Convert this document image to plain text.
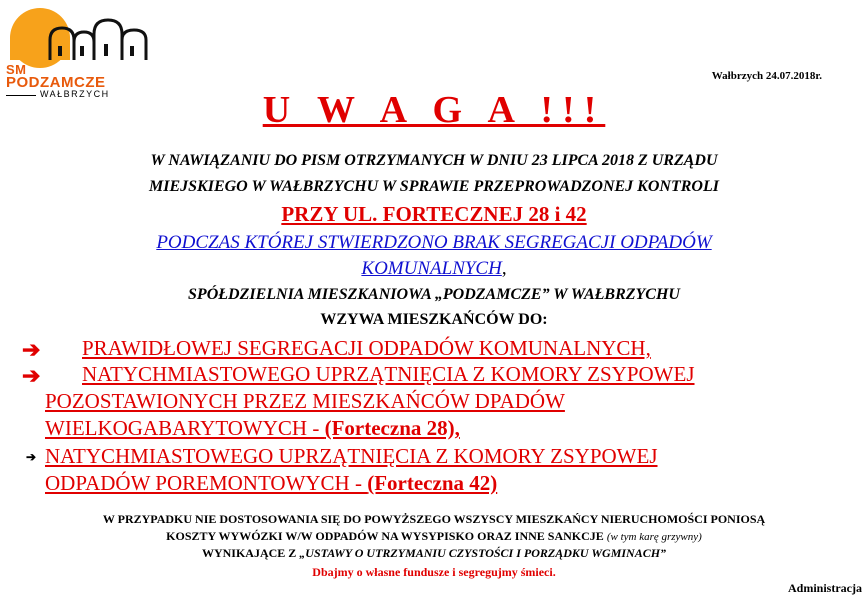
SM
PODZAMCZE
WAŁBRZYCH
Wałbrzych 24.07.2018r.
U W A G A !!!
W NAWIĄZANIU DO PISM OTRZYMANYCH W DNIU 23 LIPCA 2018 Z URZĄDU
MIEJSKIEGO W WAŁBRZYCHU W SPRAWIE PRZEPROWADZONEJ KONTROLI
PRZY UL. FORTECZNEJ 28 i 42
PODCZAS KTÓREJ STWIERDZONO BRAK SEGREGACJI ODPADÓW
KOMUNALNYCH,
SPÓŁDZIELNIA MIESZKANIOWA „PODZAMCZE” W WAŁBRZYCHU
WZYWA MIESZKAŃCÓW DO:
➔ PRAWIDŁOWEJ SEGREGACJI ODPADÓW KOMUNALNYCH,
➔ NATYCHMIASTOWEGO UPRZĄTNIĘCIA Z KOMORY ZSYPOWEJ
POZOSTAWIONYCH PRZEZ MIESZKAŃCÓW DPADÓW
WIELKOGABARYTOWYCH - (Forteczna 28),
➔ NATYCHMIASTOWEGO UPRZĄTNIĘCIA Z KOMORY ZSYPOWEJ
ODPADÓW POREMONTOWYCH - (Forteczna 42)
W PRZYPADKU NIE DOSTOSOWANIA SIĘ DO POWYŻSZEGO WSZYSCY MIESZKAŃCY NIERUCHOMOŚCI PONIOSĄ
KOSZTY WYWÓZKI W/W ODPADÓW NA WYSYPISKO ORAZ INNE SANKCJE (w tym karę grzywny)
WYNIKAJĄCE Z „USTAWY O UTRZYMANIU CZYSTOŚCI I PORZĄDKU WGMINACH”
Dbajmy o własne fundusze i segregujmy śmieci.
Administracja
